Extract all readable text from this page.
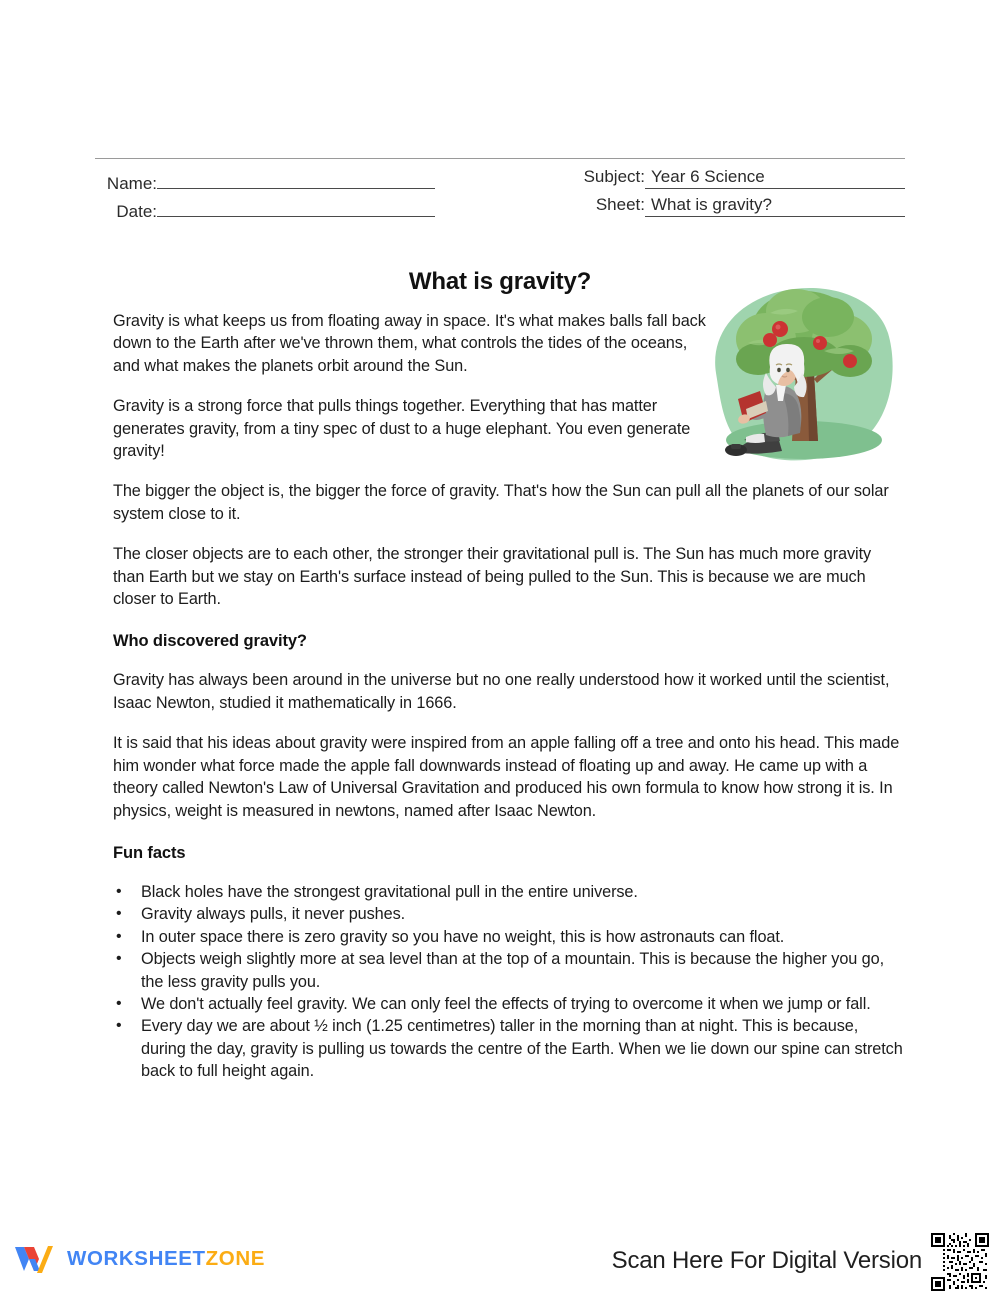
Name:
Date:
Subject: Year 6 Science
Sheet: What is gravity?
What is gravity?

Gravity is what keeps us from floating away in space. It's what makes balls fall back down to the Earth after we've thrown them, what controls the tides of the oceans, and what makes the planets orbit around the Sun.

Gravity is a strong force that pulls things together. Everything that has matter generates gravity, from a tiny spec of dust to a huge elephant. You even generate gravity!

The bigger the object is, the bigger the force of gravity. That's how the Sun can pull all the planets of our solar system close to it.

The closer objects are to each other, the stronger their gravitational pull is. The Sun has much more gravity than Earth but we stay on Earth's surface instead of being pulled to the Sun. This is because we are much closer to Earth.

Who discovered gravity?

Gravity has always been around in the universe but no one really understood how it worked until the scientist, Isaac Newton, studied it mathematically in 1666.

It is said that his ideas about gravity were inspired from an apple falling off a tree and onto his head. This made him wonder what force made the apple fall downwards instead of floating up and away. He came up with a theory called Newton's Law of Universal Gravitation and produced his own formula to know how strong it is. In physics, weight is measured in newtons, named after Isaac Newton.

Fun facts
• Black holes have the strongest gravitational pull in the entire universe.
• Gravity always pulls, it never pushes.
• In outer space there is zero gravity so you have no weight, this is how astronauts can float.
• Objects weigh slightly more at sea level than at the top of a mountain. This is because the higher you go, the less gravity pulls you.
• We don't actually feel gravity. We can only feel the effects of trying to overcome it when we jump or fall.
• Every day we are about ½ inch (1.25 centimetres) taller in the morning than at night. This is because, during the day, gravity is pulling us towards the centre of the Earth. When we lie down our spine can stretch back to full height again.
WORKSHEETZONE	Scan Here For Digital Version
